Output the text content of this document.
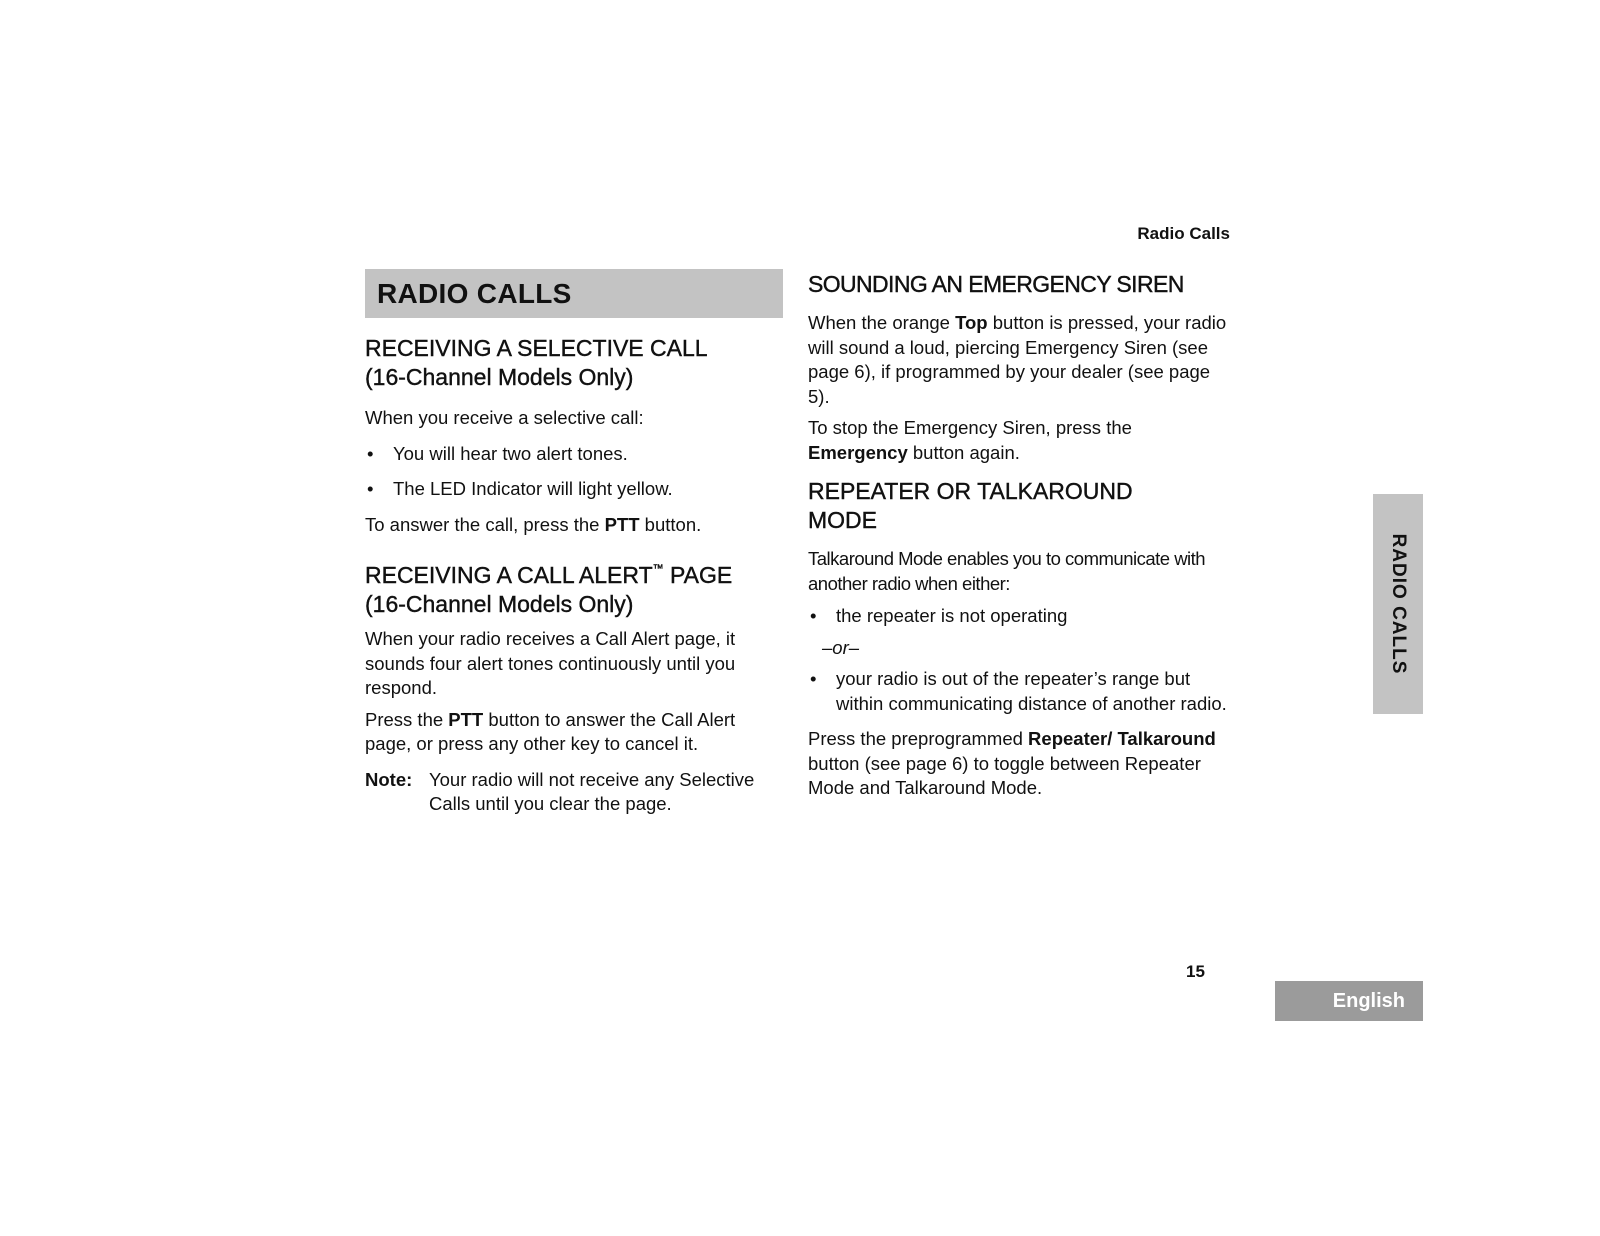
Radio Calls
RADIO CALLS
RECEIVING A SELECTIVE CALL
(16-Channel Models Only)

When you receive a selective call:

• You will hear two alert tones.

• The LED Indicator will light yellow.

To answer the call, press the PTT button.

RECEIVING A CALL ALERT™ PAGE
(16-Channel Models Only)

When your radio receives a Call Alert page, it sounds four alert tones continuously until you respond.

Press the PTT button to answer the Call Alert page, or press any other key to cancel it.

Note: Your radio will not receive any Selective Calls until you clear the page.

SOUNDING AN EMERGENCY SIREN

When the orange Top button is pressed, your radio will sound a loud, piercing Emergency Siren (see page 6), if programmed by your dealer (see page 5).

To stop the Emergency Siren, press the Emergency button again.

REPEATER OR TALKAROUND
MODE

Talkaround Mode enables you to communicate with another radio when either:

• the repeater is not operating

–or–

• your radio is out of the repeater’s range but within communicating distance of another radio.

Press the preprogrammed Repeater/ Talkaround button (see page 6) to toggle between Repeater Mode and Talkaround Mode.

RADIO CALLS
15
English
